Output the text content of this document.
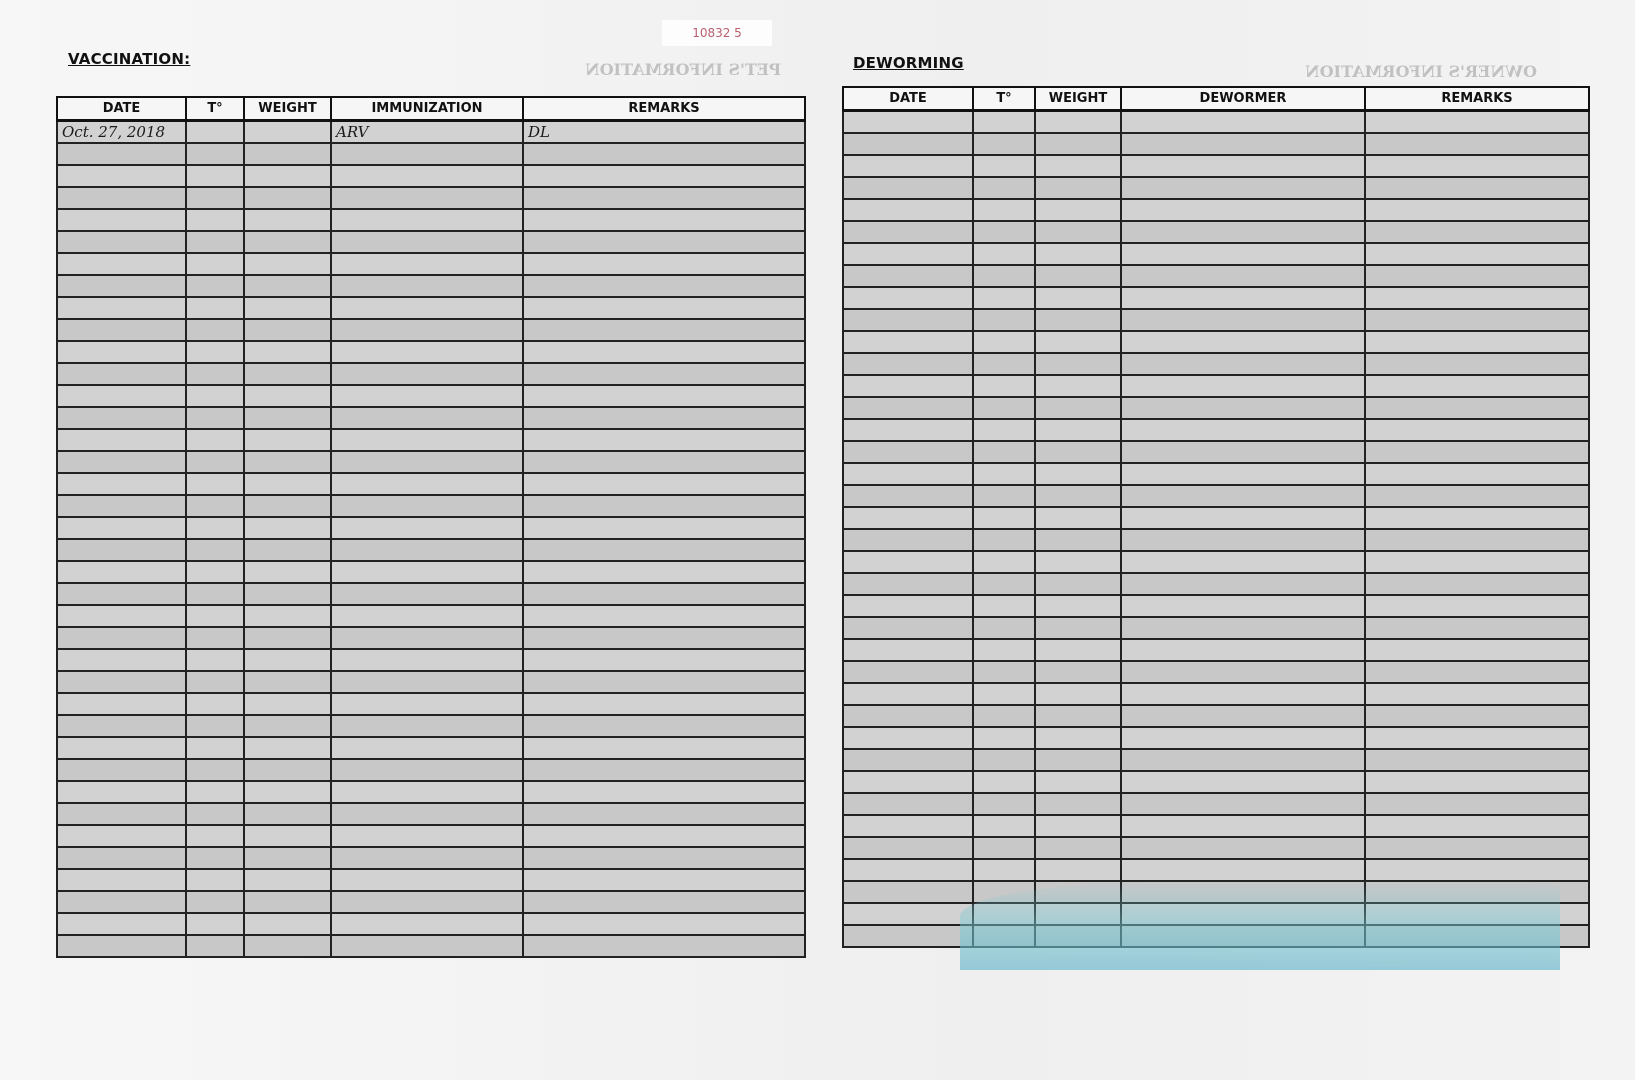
PET'S INFORMATION	OWNER'S INFORMATION
10832 5
VACCINATION:
DATE	T°	WEIGHT	IMMUNIZATION	REMARKS
Oct. 27, 2018			ARV	DL

DEWORMING
DATE	T°	WEIGHT	DEWORMER	REMARKS
